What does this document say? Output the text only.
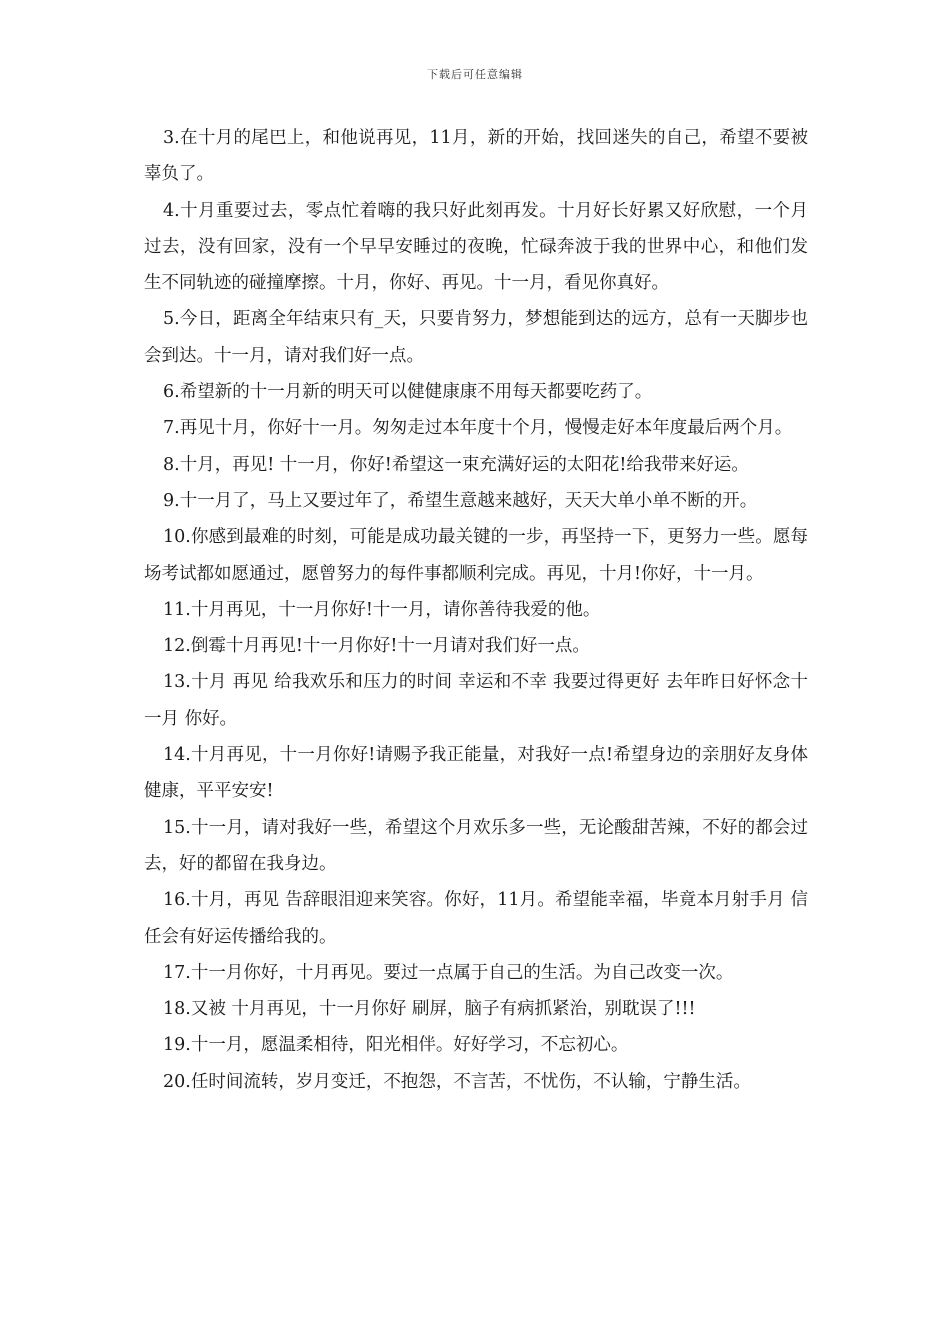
下载后可任意编辑

3.在十月的尾巴上，和他说再见，11月，新的开始，找回迷失的自己，希望不要被辜负了。

4.十月重要过去，零点忙着嗨的我只好此刻再发。十月好长好累又好欣慰，一个月过去，没有回家，没有一个早早安睡过的夜晚，忙碌奔波于我的世界中心，和他们发生不同轨迹的碰撞摩擦。十月，你好、再见。十一月，看见你真好。

5.今日，距离全年结束只有_天，只要肯努力，梦想能到达的远方，总有一天脚步也会到达。十一月，请对我们好一点。

6.希望新的十一月新的明天可以健健康康不用每天都要吃药了。

7.再见十月，你好十一月。匆匆走过本年度十个月，慢慢走好本年度最后两个月。

8.十月，再见! 十一月，你好!希望这一束充满好运的太阳花!给我带来好运。

9.十一月了，马上又要过年了，希望生意越来越好，天天大单小单不断的开。

10.你感到最难的时刻，可能是成功最关键的一步，再坚持一下，更努力一些。愿每场考试都如愿通过，愿曾努力的每件事都顺利完成。再见，十月!你好，十一月。

11.十月再见，十一月你好!十一月，请你善待我爱的他。

12.倒霉十月再见!十一月你好!十一月请对我们好一点。

13.十月 再见 给我欢乐和压力的时间 幸运和不幸 我要过得更好 去年昨日好怀念十一月 你好。

14.十月再见，十一月你好!请赐予我正能量，对我好一点!希望身边的亲朋好友身体健康，平平安安!

15.十一月，请对我好一些，希望这个月欢乐多一些，无论酸甜苦辣，不好的都会过去，好的都留在我身边。

16.十月，再见 告辞眼泪迎来笑容。你好，11月。希望能幸福，毕竟本月射手月 信任会有好运传播给我的。

17.十一月你好，十月再见。要过一点属于自己的生活。为自己改变一次。

18.又被 十月再见，十一月你好 刷屏，脑子有病抓紧治，别耽误了!!!

19.十一月，愿温柔相待，阳光相伴。好好学习，不忘初心。

20.任时间流转，岁月变迁，不抱怨，不言苦，不忧伤，不认输，宁静生活。
